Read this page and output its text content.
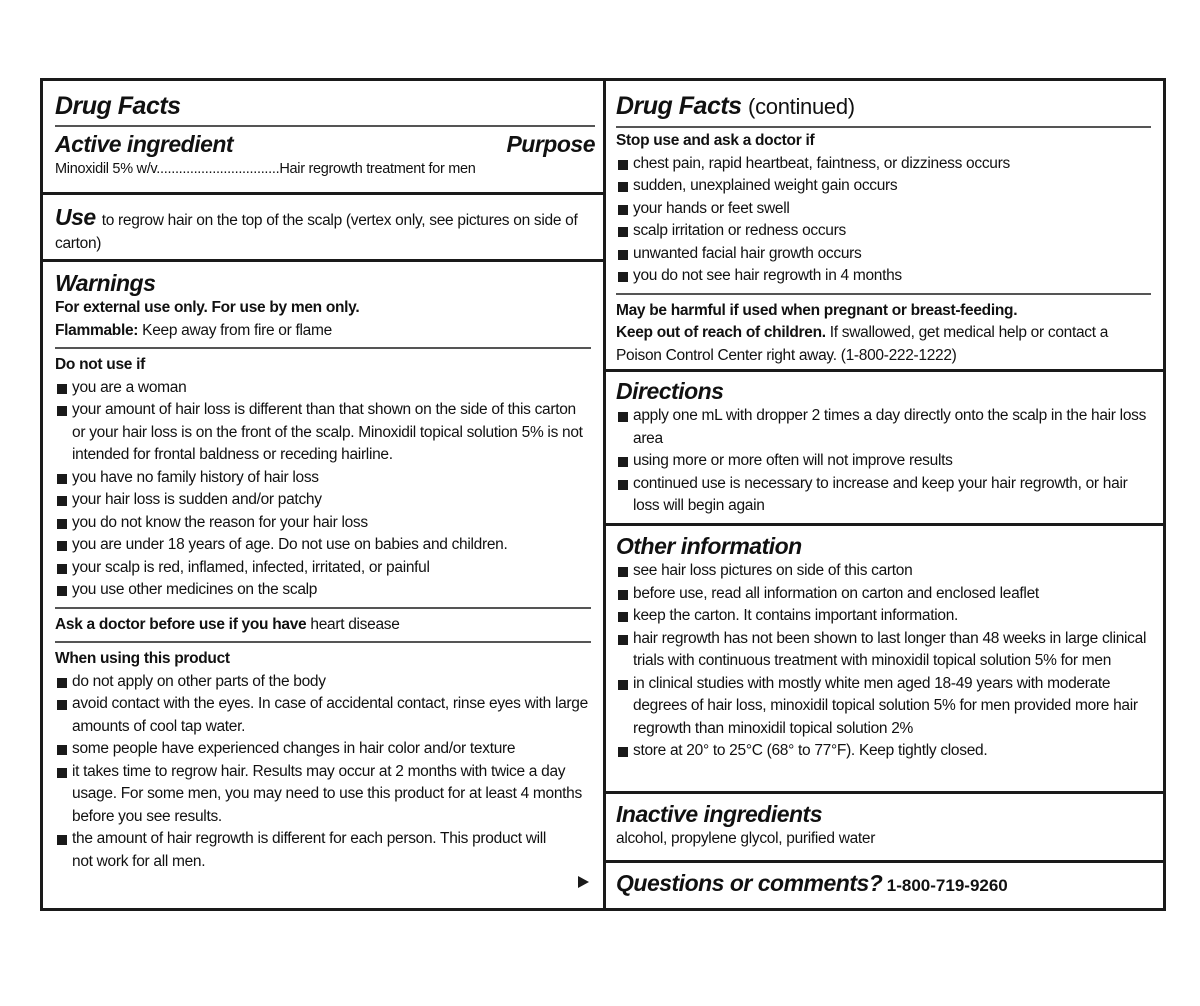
Drug Facts
Active ingredient	Purpose
Minoxidil 5% w/v.................................Hair regrowth treatment for men
Use to regrow hair on the top of the scalp (vertex only, see pictures on side of carton)
Warnings
For external use only. For use by men only.
Flammable: Keep away from fire or flame
Do not use if
you are a woman
your amount of hair loss is different than that shown on the side of this carton or your hair loss is on the front of the scalp. Minoxidil topical solution 5% is not intended for frontal baldness or receding hairline.
you have no family history of hair loss
your hair loss is sudden and/or patchy
you do not know the reason for your hair loss
you are under 18 years of age. Do not use on babies and children.
your scalp is red, inflamed, infected, irritated, or painful
you use other medicines on the scalp
Ask a doctor before use if you have heart disease
When using this product
do not apply on other parts of the body
avoid contact with the eyes. In case of accidental contact, rinse eyes with large amounts of cool tap water.
some people have experienced changes in hair color and/or texture
it takes time to regrow hair. Results may occur at 2 months with twice a day usage. For some men, you may need to use this product for at least 4 months before you see results.
the amount of hair regrowth is different for each person. This product will not work for all men.
Drug Facts (continued)
Stop use and ask a doctor if
chest pain, rapid heartbeat, faintness, or dizziness occurs
sudden, unexplained weight gain occurs
your hands or feet swell
scalp irritation or redness occurs
unwanted facial hair growth occurs
you do not see hair regrowth in 4 months
May be harmful if used when pregnant or breast-feeding.
Keep out of reach of children. If swallowed, get medical help or contact a Poison Control Center right away. (1-800-222-1222)
Directions
apply one mL with dropper 2 times a day directly onto the scalp in the hair loss area
using more or more often will not improve results
continued use is necessary to increase and keep your hair regrowth, or hair loss will begin again
Other information
see hair loss pictures on side of this carton
before use, read all information on carton and enclosed leaflet
keep the carton. It contains important information.
hair regrowth has not been shown to last longer than 48 weeks in large clinical trials with continuous treatment with minoxidil topical solution 5% for men
in clinical studies with mostly white men aged 18-49 years with moderate degrees of hair loss, minoxidil topical solution 5% for men provided more hair regrowth than minoxidil topical solution 2%
store at 20° to 25°C (68° to 77°F). Keep tightly closed.
Inactive ingredients
alcohol, propylene glycol, purified water
Questions or comments? 1-800-719-9260
